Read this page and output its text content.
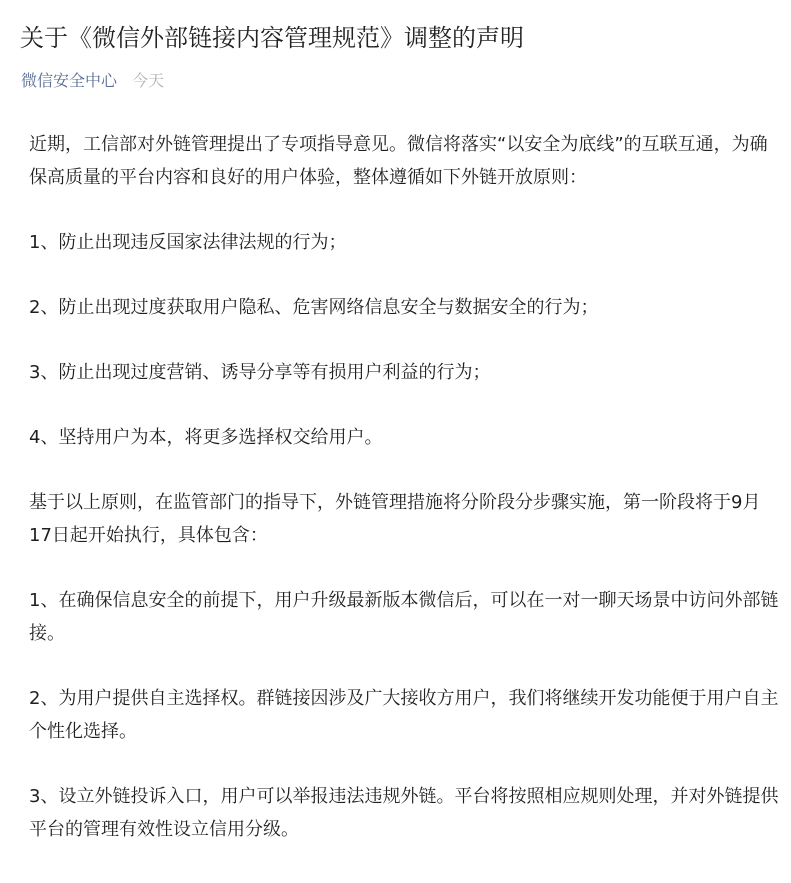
关于《微信外部链接内容管理规范》调整的声明
微信安全中心 今天

近期，工信部对外链管理提出了专项指导意见。微信将落实“以安全为底线”的互联互通，为确保高质量的平台内容和良好的用户体验，整体遵循如下外链开放原则：

1、防止出现违反国家法律法规的行为；

2、防止出现过度获取用户隐私、危害网络信息安全与数据安全的行为；

3、防止出现过度营销、诱导分享等有损用户利益的行为；

4、坚持用户为本，将更多选择权交给用户。

基于以上原则，在监管部门的指导下，外链管理措施将分阶段分步骤实施，第一阶段将于9月17日起开始执行，具体包含：

1、在确保信息安全的前提下，用户升级最新版本微信后，可以在一对一聊天场景中访问外部链接。

2、为用户提供自主选择权。群链接因涉及广大接收方用户，我们将继续开发功能便于用户自主个性化选择。

3、设立外链投诉入口，用户可以举报违法违规外链。平台将按照相应规则处理，并对外链提供平台的管理有效性设立信用分级。
